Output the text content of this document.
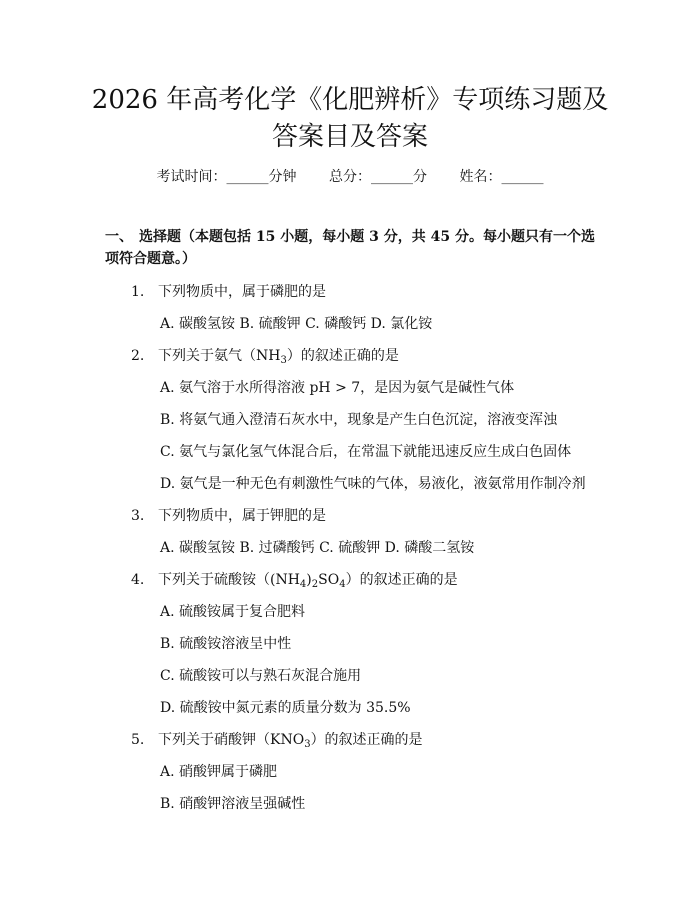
2026 年高考化学《化肥辨析》专项练习题及
答案目及答案
考试时间：______分钟 总分：______分 姓名：______

一、 选择题（本题包括 15 小题，每小题 3 分，共 45 分。每小题只有一个选项符合题意。）

1. 下列物质中，属于磷肥的是
A. 碳酸氢铵 B. 硫酸钾 C. 磷酸钙 D. 氯化铵
2. 下列关于氨气$(NH_3)$的叙述正确的是
A. 氨气溶于水所得溶液 pH > 7，是因为氨气是碱性气体
B. 将氨气通入澄清石灰水中，现象是产生白色沉淀，溶液变浑浊
C. 氨气与氯化氢气体混合后，在常温下就能迅速反应生成白色固体
D. 氨气是一种无色有刺激性气味的气体，易液化，液氨常用作制冷剂
3. 下列物质中，属于钾肥的是
A. 碳酸氢铵 B. 过磷酸钙 C. 硫酸钾 D. 磷酸二氢铵
4. 下列关于硫酸铵$((NH_4)_2SO_4)$的叙述正确的是
A. 硫酸铵属于复合肥料
B. 硫酸铵溶液呈中性
C. 硫酸铵可以与熟石灰混合施用
D. 硫酸铵中氮元素的质量分数为 35.5%
5. 下列关于硝酸钾$(KNO_3)$的叙述正确的是
A. 硝酸钾属于磷肥
B. 硝酸钾溶液呈强碱性
